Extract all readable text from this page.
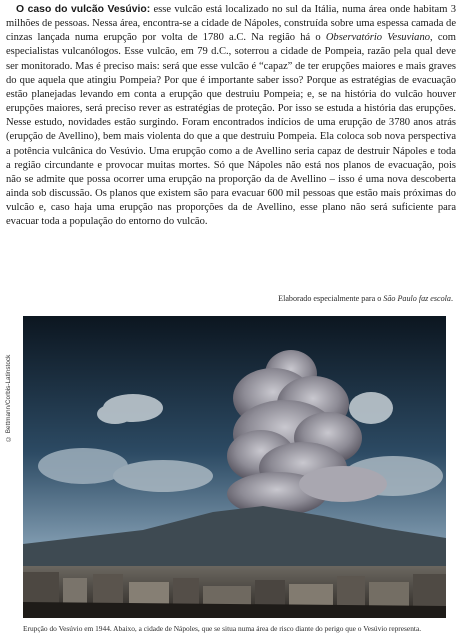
O caso do vulcão Vesúvio: esse vulcão está localizado no sul da Itália, numa área onde habitam 3 milhões de pessoas. Nessa área, encontra-se a cidade de Nápoles, construída sobre uma espessa camada de cinzas lançada numa erupção por volta de 1780 a.C. Na região há o Observatório Vesuviano, com especialistas vulcanólogos. Esse vulcão, em 79 d.C., soterrou a cidade de Pompeia, razão pela qual deve ser monitorado. Mas é preciso mais: será que esse vulcão é “capaz” de ter erupções maiores e mais graves do que aquela que atingiu Pompeia? Por que é importante saber isso? Porque as estratégias de evacuação estão planejadas levando em conta a erupção que destruiu Pompeia; e, se na história do vulcão houver erupções maiores, será preciso rever as estratégias de proteção. Por isso se estuda a história das erupções. Nesse estudo, novidades estão surgindo. Foram encontrados indícios de uma erupção de 3780 anos atrás (erupção de Avellino), bem mais violenta do que a que destruiu Pompeia. Ela coloca sob nova perspectiva a potência vulcânica do Vesúvio. Uma erupção como a de Avellino seria capaz de destruir Nápoles e toda a região circundante e provocar muitas mortes. Só que Nápoles não está nos planos de evacuação, pois não se admite que possa ocorrer uma erupção na proporção da de Avellino – isso é uma nova descoberta ainda sob discussão. Os planos que existem são para evacuar 600 mil pessoas que estão mais próximas do vulcão e, caso haja uma erupção nas proporções da de Avellino, esse plano não será suficiente para evacuar toda a população do entorno do vulcão.

Elaborado especialmente para o São Paulo faz escola.
© Bettmann/Corbis-Latinstock
Erupção do Vesúvio em 1944. Abaixo, a cidade de Nápoles, que se situa numa área de risco diante do perigo que o Vesúvio representa.
